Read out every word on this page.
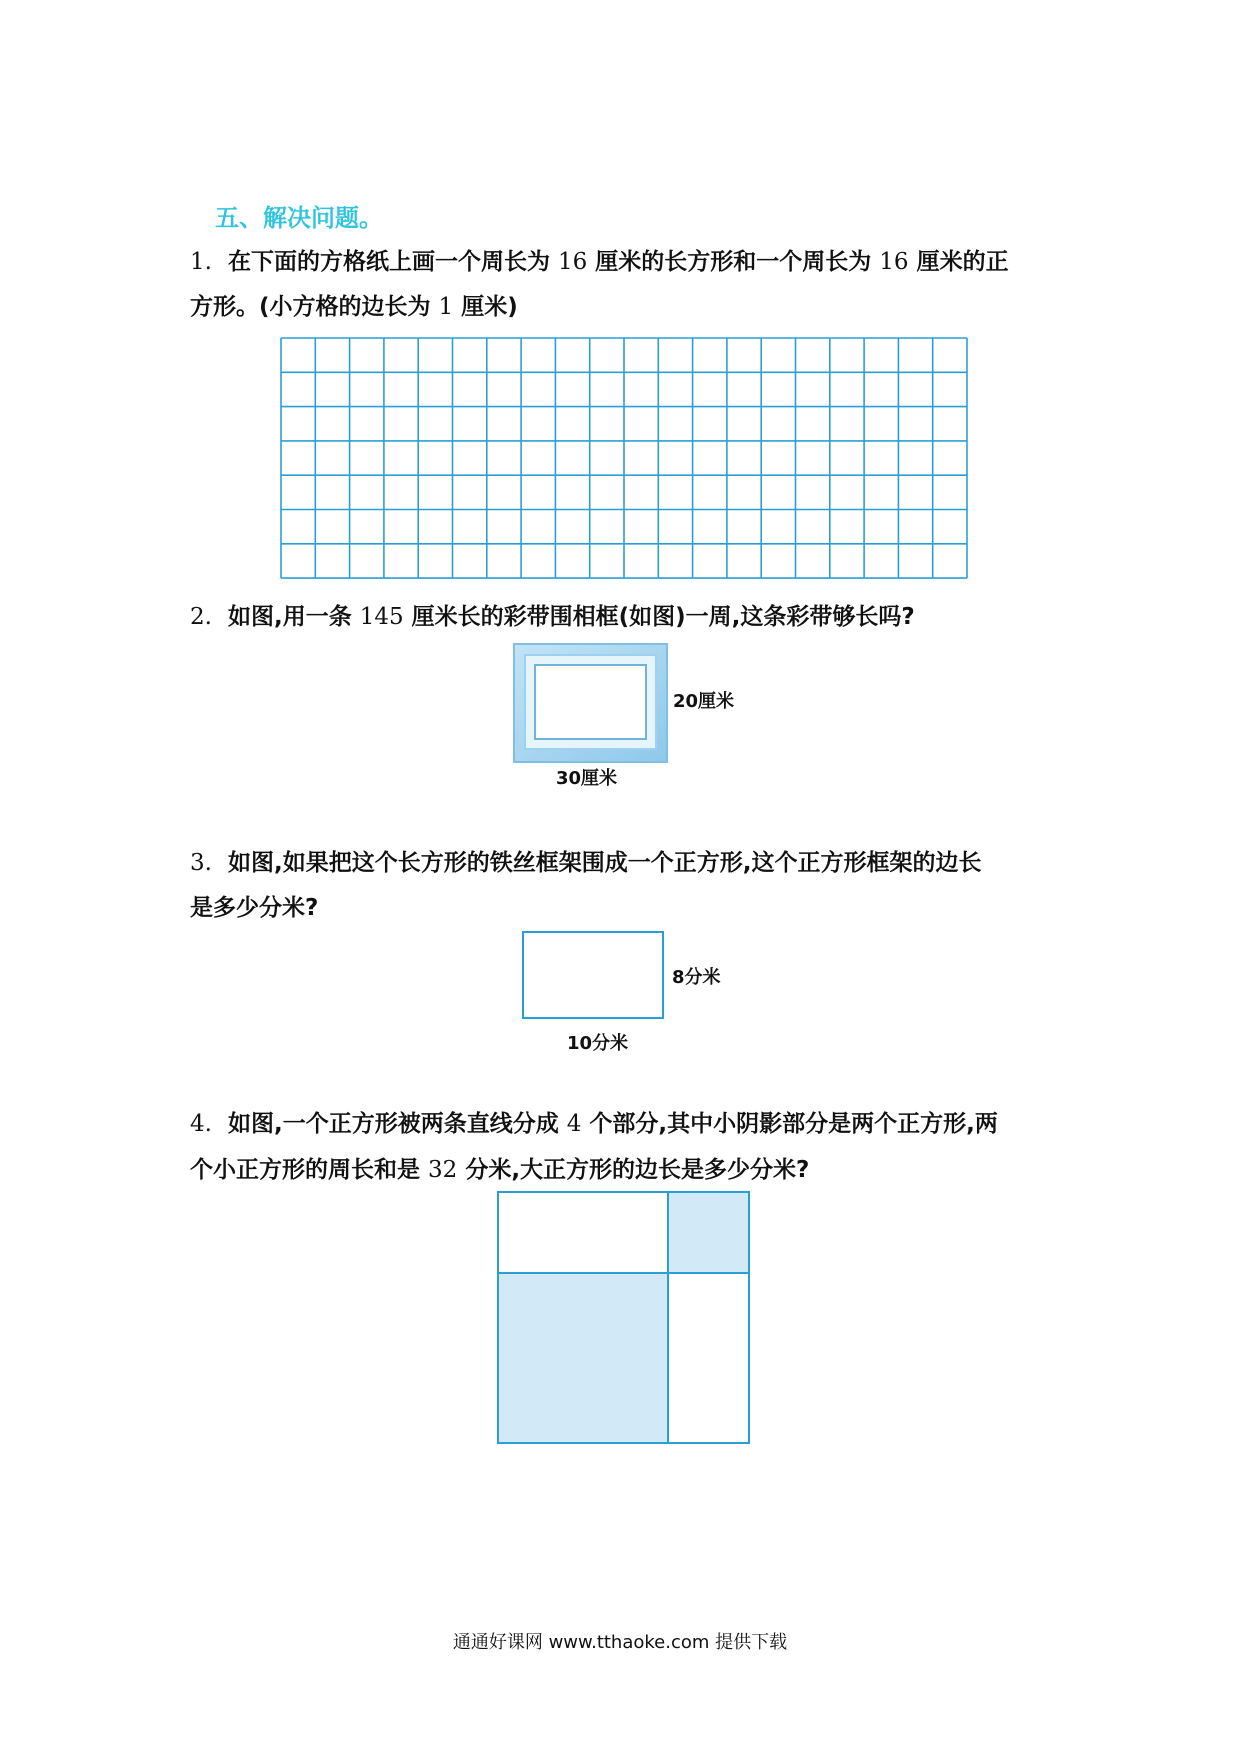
五、解决问题。
1. 在下面的方格纸上画一个周长为 16 厘米的长方形和一个周长为 16 厘米的正
方形。(小方格的边长为 1 厘米)
2. 如图,用一条 145 厘米长的彩带围相框(如图)一周,这条彩带够长吗?
20厘米
30厘米
3. 如图,如果把这个长方形的铁丝框架围成一个正方形,这个正方形框架的边长
是多少分米?
8分米
10分米
4. 如图,一个正方形被两条直线分成 4 个部分,其中小阴影部分是两个正方形,两
个小正方形的周长和是 32 分米,大正方形的边长是多少分米?
通通好课网 www.tthaoke.com 提供下载
